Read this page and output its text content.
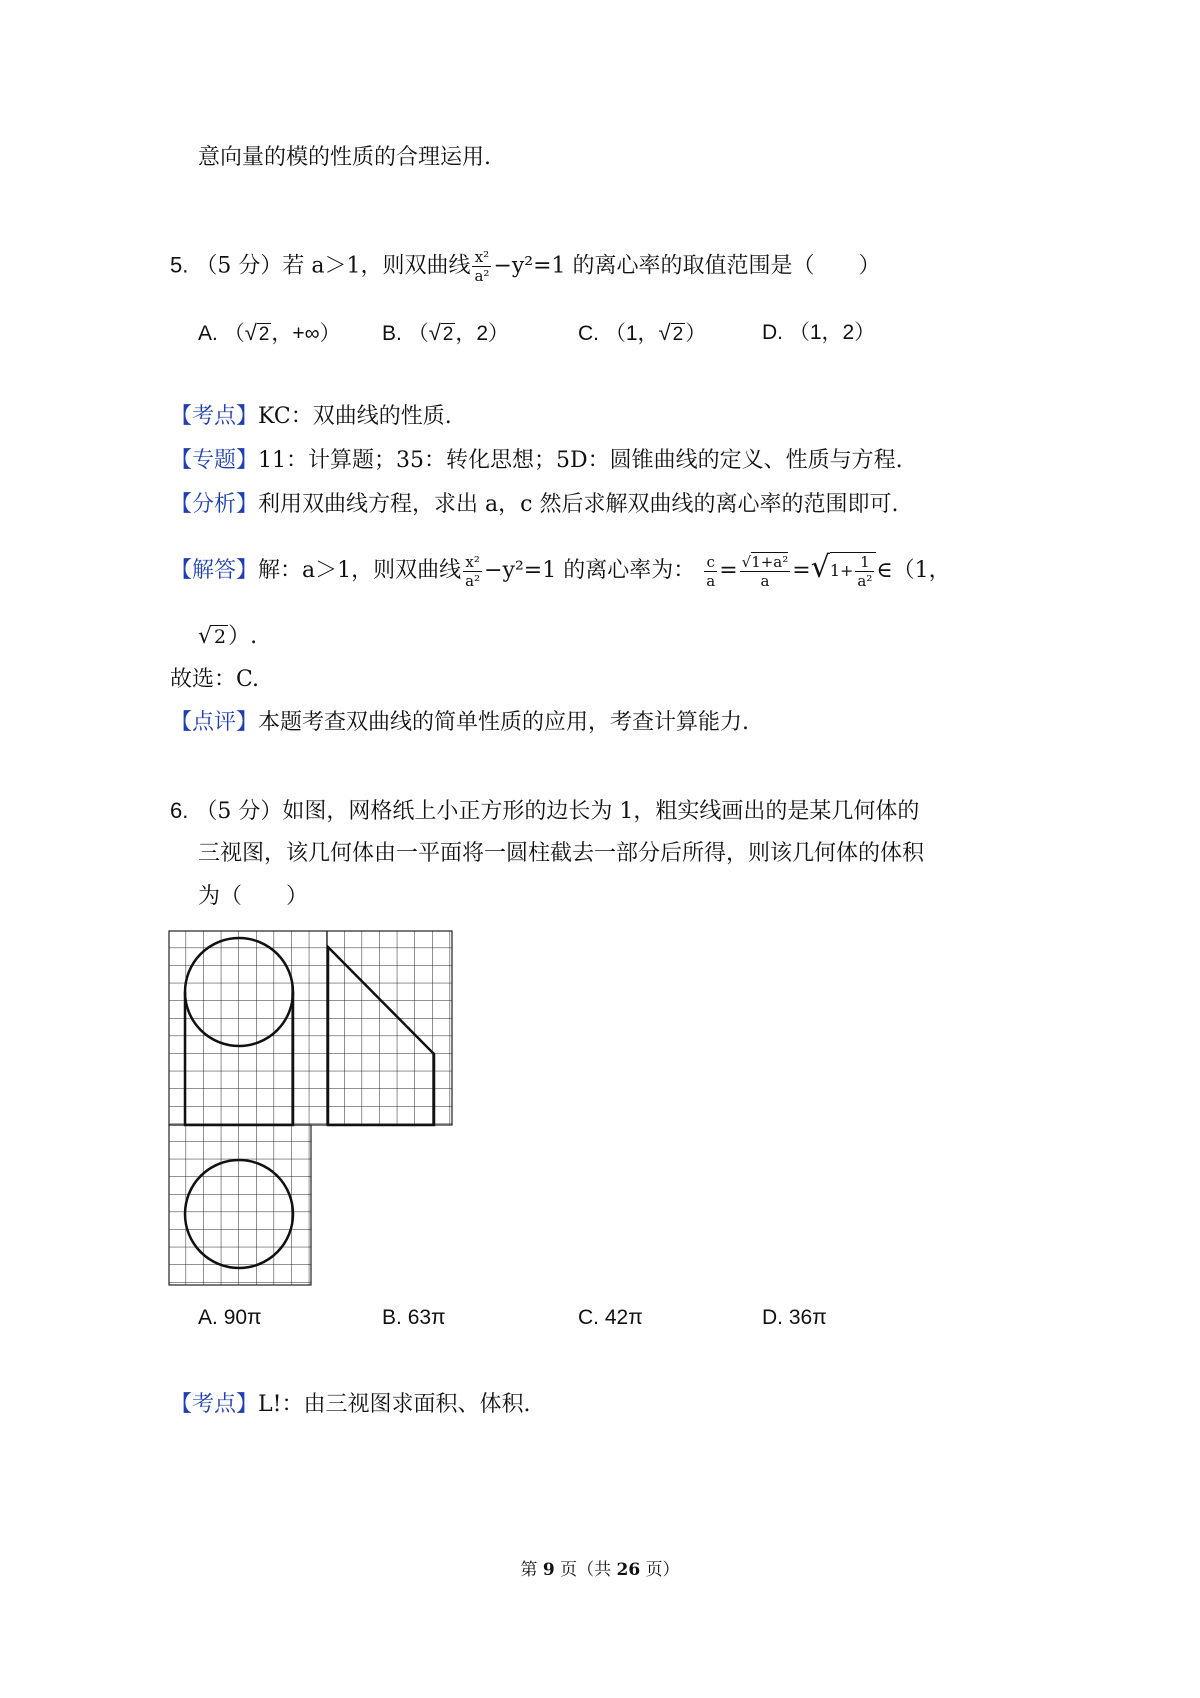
意向量的模的性质的合理运用.
5. （5 分）若 a＞1，则双曲线 $\frac{\text{x²}}{\text{a²}} -y^2=1$ 的离心率的取值范围是（　　）
A. （√ 2，+∞） B. （√ 2，2）	C. （1，√ 2）	D. （1，2）
【考点】KC：双曲线的性质.
【专题】11：计算题；35：转化思想；5D：圆锥曲线的定义、性质与方程.
【分析】利用双曲线方程，求出 a，c 然后求解双曲线的离心率的范围即可.
【解答】解：a＞1，则双曲线 $\frac{\text{x²}}{\text{a²}} -y^2=1$ 的离心率为： $\frac{c}{a} = \frac{\text{√1+a²}}{a} =√1+ \frac{1}{\text{a²}}$ ∈（1，
√ 2）.
故选：C.
【点评】本题考查双曲线的简单性质的应用，考查计算能力.
6. （5 分）如图，网格纸上小正方形的边长为 1，粗实线画出的是某几何体的
三视图，该几何体由一平面将一圆柱截去一部分后所得，则该几何体的体积
为（　　）
A. 90π	B. 63π	C. 42π	D. 36π
【考点】L!：由三视图求面积、体积.
第 9 页（共 26 页）
